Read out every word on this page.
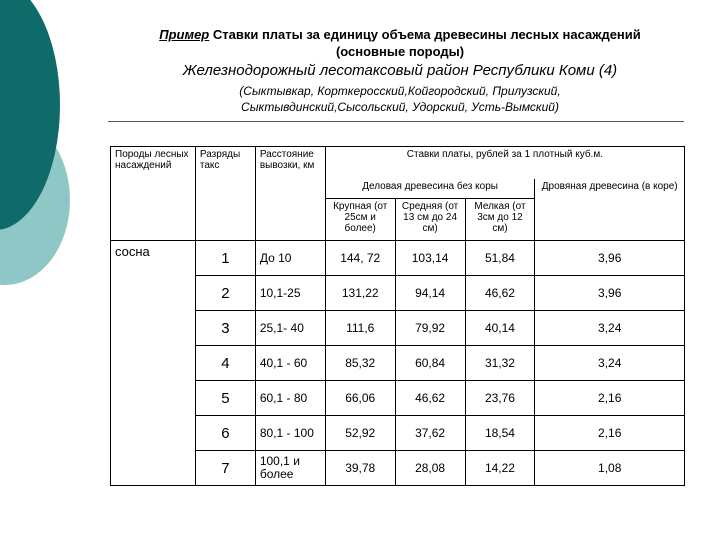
Пример Ставки платы за единицу объема древесины лесных насаждений
(основные породы)
Железнодорожный лесотаксовый район Республики Коми (4)
(Сыктывкар, Корткеросский,Койгородский, Прилузский,
Сыктывдинский,Сысольский, Удорский, Усть-Вымский)
Породы лесных насаждений	Разряды такс	Расстояние вывозки, км	Ставки платы, рублей за 1 плотный куб.м.			
			Деловая древесина без коры			Дровяная древесина (в коре)
			Крупная (от 25см и более)	Средняя (от 13 см до 24 см)	Мелкая (от 3см до 12 см)	
сосна	1	До 10	144, 72	103,14	51,84	3,96
	2	10,1-25	131,22	94,14	46,62	3,96
	3	25,1- 40	111,6	79,92	40,14	3,24
	4	40,1 - 60	85,32	60,84	31,32	3,24
	5	60,1 - 80	66,06	46,62	23,76	2,16
	6	80,1 - 100	52,92	37,62	18,54	2,16
	7	100,1 и более	39,78	28,08	14,22	1,08
